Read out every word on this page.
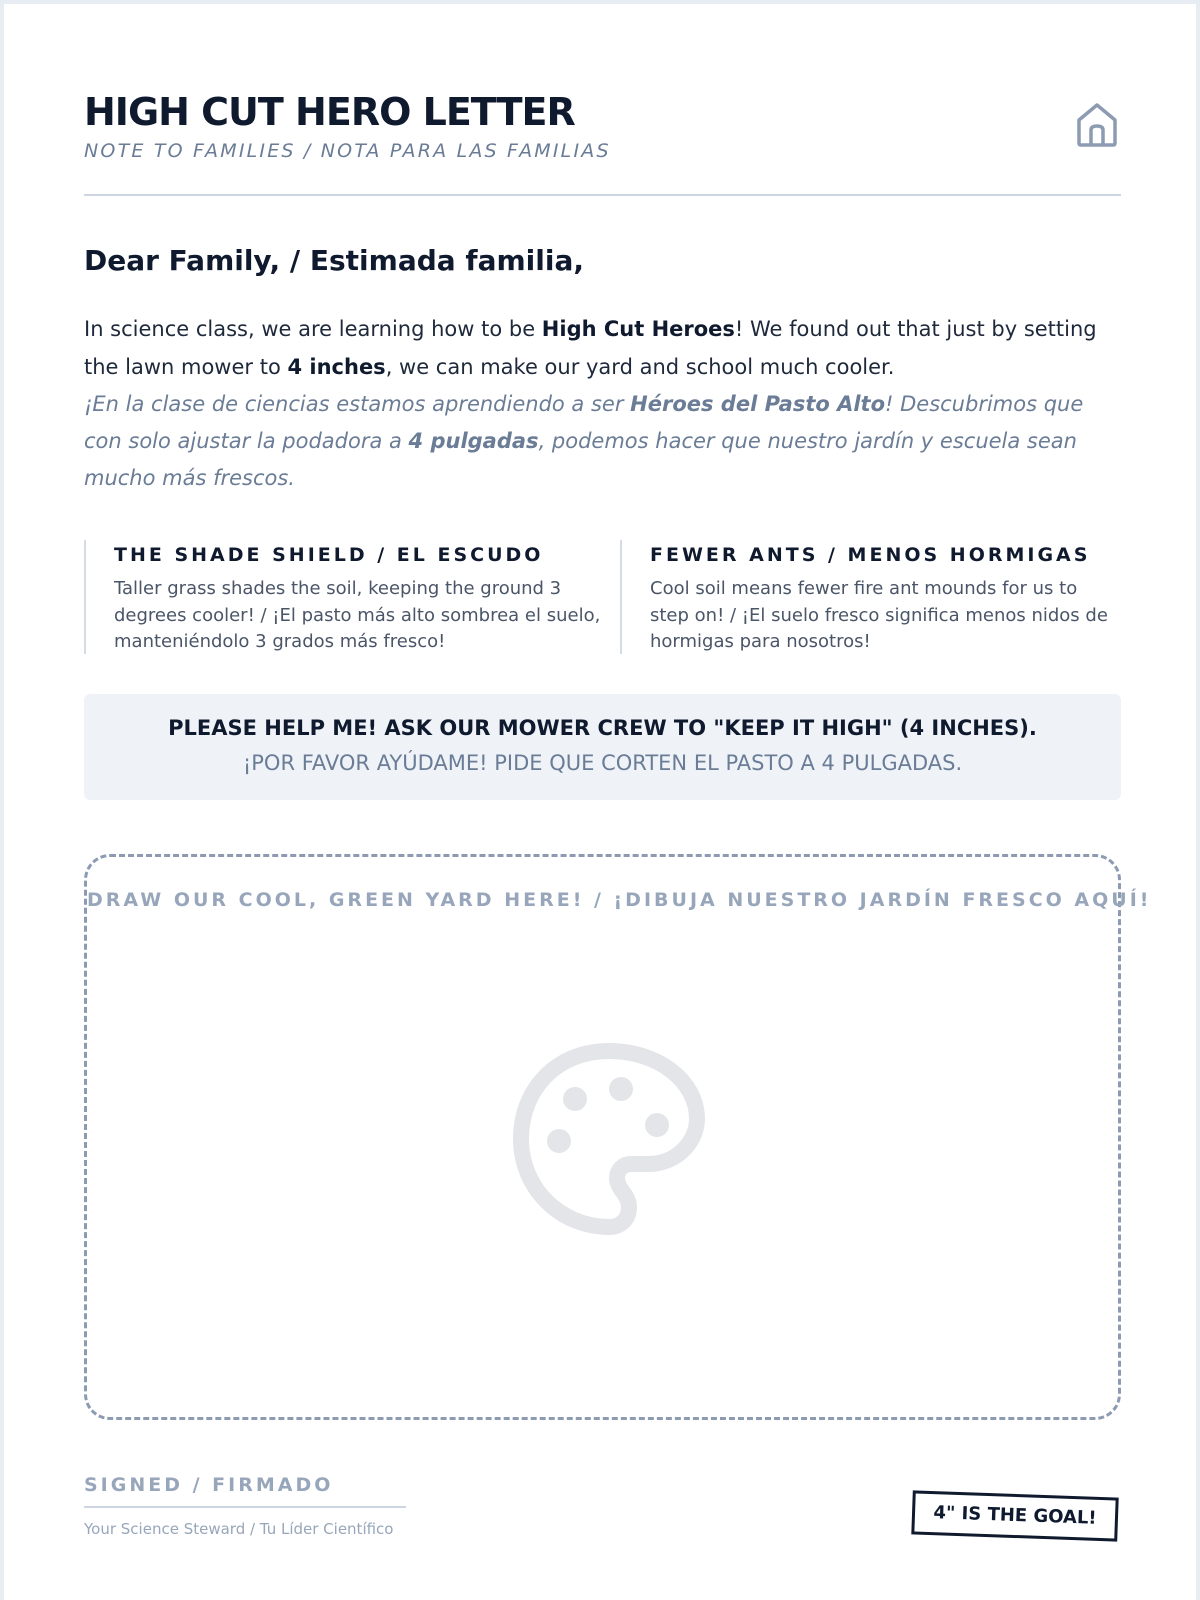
HIGH CUT HERO LETTER
NOTE TO FAMILIES / NOTA PARA LAS FAMILIAS
Dear Family, / Estimada familia,

In science class, we are learning how to be High Cut Heroes! We found out that just by setting the lawn mower to 4 inches, we can make our yard and school much cooler.

¡En la clase de ciencias estamos aprendiendo a ser Héroes del Pasto Alto! Descubrimos que con solo ajustar la podadora a 4 pulgadas, podemos hacer que nuestro jardín y escuela sean mucho más frescos.

THE SHADE SHIELD / EL ESCUDO
Taller grass shades the soil, keeping the ground 3 degrees cooler! / ¡El pasto más alto sombrea el suelo, manteniéndolo 3 grados más fresco!
FEWER ANTS / MENOS HORMIGAS
Cool soil means fewer fire ant mounds for us to step on! / ¡El suelo fresco significa menos nidos de hormigas para nosotros!
PLEASE HELP ME! ASK OUR MOWER CREW TO "KEEP IT HIGH" (4 INCHES).
¡POR FAVOR AYÚDAME! PIDE QUE CORTEN EL PASTO A 4 PULGADAS.
DRAW OUR COOL, GREEN YARD HERE! / ¡DIBUJA NUESTRO JARDÍN FRESCO AQUÍ!
SIGNED / FIRMADO
Your Science Steward / Tu Líder Científico
4" IS THE GOAL!
